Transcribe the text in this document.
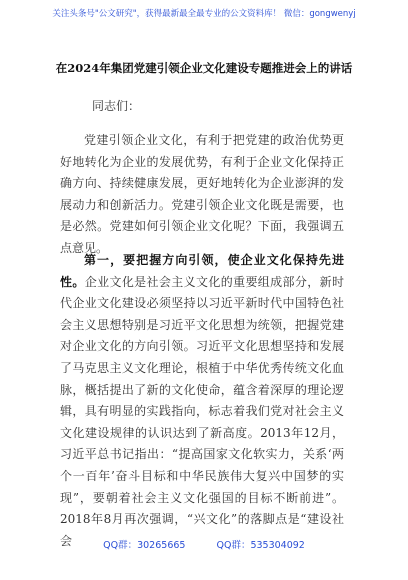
关注头条号"公文研究"，获得最新最全最专业的公文资料库！ 微信：gongwenyj
在2024年集团党建引领企业文化建设专题推进会上的讲话
同志们：
党建引领企业文化，有利于把党建的政治优势更好地转化为企业的发展优势，有利于企业文化保持正确方向、持续健康发展，更好地转化为企业澎湃的发展动力和创新活力。党建引领企业文化既是需要，也是必然。党建如何引领企业文化呢？下面，我强调五点意见。
第一，要把握方向引领，使企业文化保持先进性。企业文化是社会主义文化的重要组成部分，新时代企业文化建设必须坚持以习近平新时代中国特色社会主义思想特别是习近平文化思想为统领，把握党建对企业文化的方向引领。习近平文化思想坚持和发展了马克思主义文化理论，根植于中华优秀传统文化血脉，概括提出了新的文化使命，蕴含着深厚的理论逻辑，具有明显的实践指向，标志着我们党对社会主义文化建设规律的认识达到了新高度。2013年12月，习近平总书记指出：“提高国家文化软实力，关系‘两个一百年’奋斗目标和中华民族伟大复兴中国梦的实现”，要朝着社会主义文化强国的目标不断前进”。2018年8月再次强调，“兴文化”的落脚点是“建设社会	QQ群：30265665	QQ群：535304092
